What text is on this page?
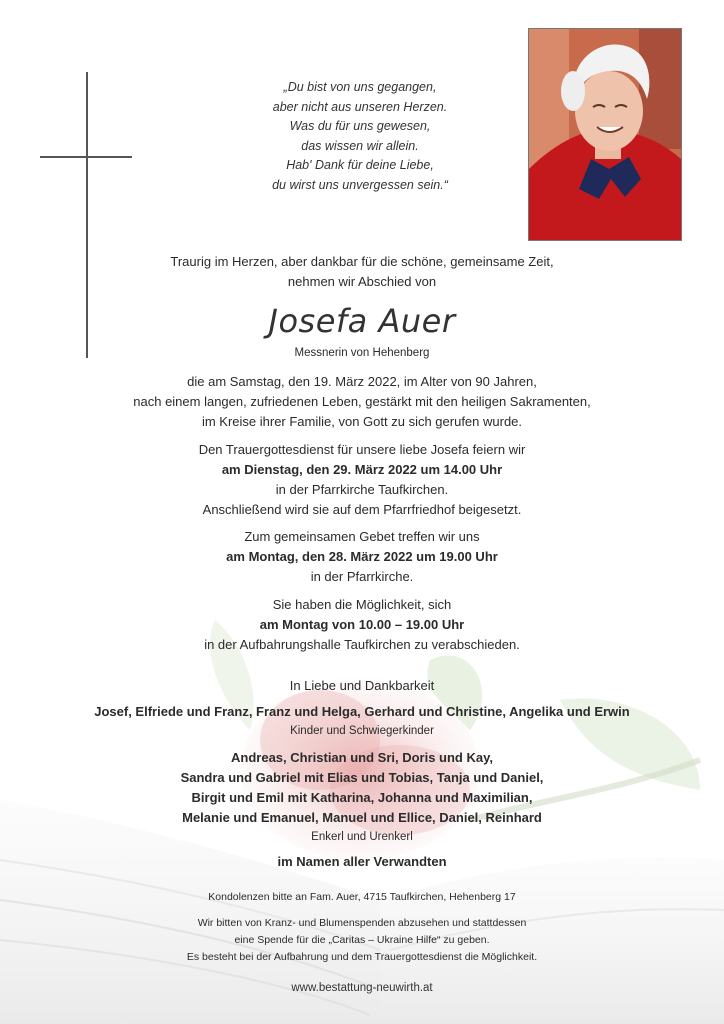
„Du bist von uns gegangen,
aber nicht aus unseren Herzen.
Was du für uns gewesen,
das wissen wir allein.
Hab' Dank für deine Liebe,
du wirst uns unvergessen sein.“
Traurig im Herzen, aber dankbar für die schöne, gemeinsame Zeit,
nehmen wir Abschied von
Josefa Auer
Messnerin von Hehenberg
die am Samstag, den 19. März 2022, im Alter von 90 Jahren,
nach einem langen, zufriedenen Leben, gestärkt mit den heiligen Sakramenten,
im Kreise ihrer Familie, von Gott zu sich gerufen wurde.
Den Trauergottesdienst für unsere liebe Josefa feiern wir
am Dienstag, den 29. März 2022 um 14.00 Uhr
in der Pfarrkirche Taufkirchen.
Anschließend wird sie auf dem Pfarrfriedhof beigesetzt.
Zum gemeinsamen Gebet treffen wir uns
am Montag, den 28. März 2022 um 19.00 Uhr
in der Pfarrkirche.
Sie haben die Möglichkeit, sich
am Montag von 10.00 – 19.00 Uhr
in der Aufbahrungshalle Taufkirchen zu verabschieden.
In Liebe und Dankbarkeit
Josef, Elfriede und Franz, Franz und Helga, Gerhard und Christine, Angelika und Erwin
Kinder und Schwiegerkinder
Andreas, Christian und Sri, Doris und Kay,
Sandra und Gabriel mit Elias und Tobias, Tanja und Daniel,
Birgit und Emil mit Katharina, Johanna und Maximilian,
Melanie und Emanuel, Manuel und Ellice, Daniel, Reinhard
Enkerl und Urenkerl
im Namen aller Verwandten
Kondolenzen bitte an Fam. Auer, 4715 Taufkirchen, Hehenberg 17
Wir bitten von Kranz- und Blumenspenden abzusehen und stattdessen
eine Spende für die „Caritas – Ukraine Hilfe“ zu geben.
Es besteht bei der Aufbahrung und dem Trauergottesdienst die Möglichkeit.
www.bestattung-neuwirth.at
